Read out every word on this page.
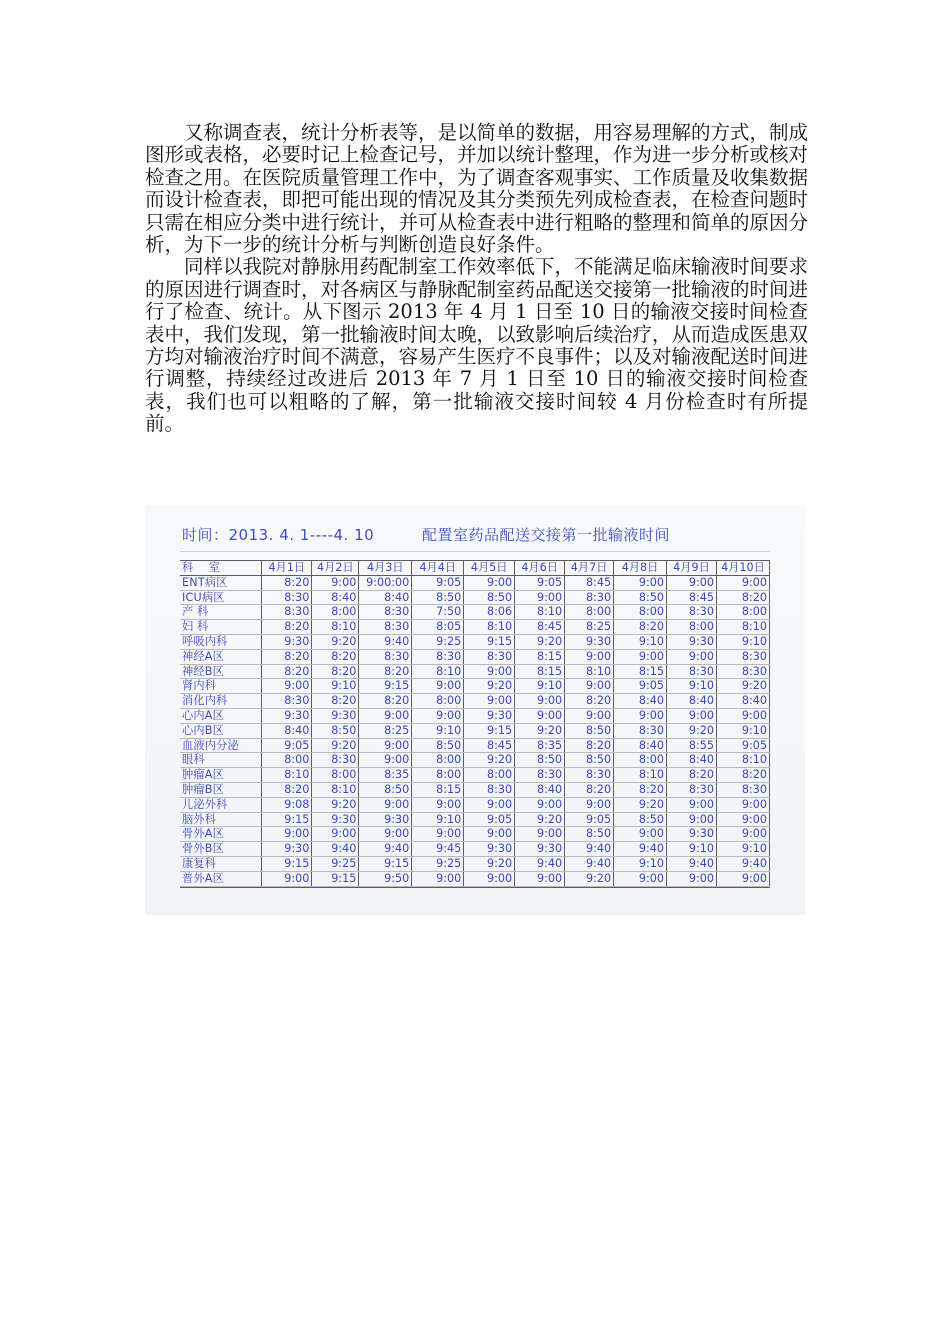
又称调查表，统计分析表等，是以简单的数据，用容易理解的方式，制成图形或表格，必要时记上检查记号，并加以统计整理，作为进一步分析或核对检查之用。在医院质量管理工作中，为了调查客观事实、工作质量及收集数据而设计检查表，即把可能出现的情况及其分类预先列成检查表，在检查问题时只需在相应分类中进行统计，并可从检查表中进行粗略的整理和简单的原因分析，为下一步的统计分析与判断创造良好条件。

同样以我院对静脉用药配制室工作效率低下，不能满足临床输液时间要求的原因进行调查时，对各病区与静脉配制室药品配送交接第一批输液的时间进行了检查、统计。从下图示 2013 年 4 月 1 日至 10 日的输液交接时间检查表中，我们发现，第一批输液时间太晚，以致影响后续治疗，从而造成医患双方均对输液治疗时间不满意，容易产生医疗不良事件；以及对输液配送时间进行调整，持续经过改进后 2013 年 7 月 1 日至 10 日的输液交接时间检查表，我们也可以粗略的了解，第一批输液交接时间较 4 月份检查时有所提前。

时间：2013. 4. 1----4. 10	配置室药品配送交接第一批输液时间
科 室	4月1日	4月2日	4月3日	4月4日	4月5日	4月6日	4月7日	4月8日	4月9日	4月10日
ENT病区	8:20	9:00	9:00:00	9:05	9:00	9:05	8:45	9:00	9:00	9:00
ICU病区	8:30	8:40	8:40	8:50	8:50	9:00	8:30	8:50	8:45	8:20
产 科	8:30	8:00	8:30	7:50	8:06	8:10	8:00	8:00	8:30	8:00
妇 科	8:20	8:10	8:30	8:05	8:10	8:45	8:25	8:20	8:00	8:10
呼吸内科	9:30	9:20	9:40	9:25	9:15	9:20	9:30	9:10	9:30	9:10
神经A区	8:20	8:20	8:30	8:30	8:30	8:15	9:00	9:00	9:00	8:30
神经B区	8:20	8:20	8:20	8:10	9:00	8:15	8:10	8:15	8:30	8:30
肾内科	9:00	9:10	9:15	9:00	9:20	9:10	9:00	9:05	9:10	9:20
消化内科	8:30	8:20	8:20	8:00	9:00	9:00	8:20	8:40	8:40	8:40
心内A区	9:30	9:30	9:00	9:00	9:30	9:00	9:00	9:00	9:00	9:00
心内B区	8:40	8:50	8:25	9:10	9:15	9:20	8:50	8:30	9:20	9:10
血液内分泌	9:05	9:20	9:00	8:50	8:45	8:35	8:20	8:40	8:55	9:05
眼科	8:00	8:30	9:00	8:00	9:20	8:50	8:50	8:00	8:40	8:10
肿瘤A区	8:10	8:00	8:35	8:00	8:00	8:30	8:30	8:10	8:20	8:20
肿瘤B区	8:20	8:10	8:50	8:15	8:30	8:40	8:20	8:20	8:30	8:30
儿泌外科	9:08	9:20	9:00	9:00	9:00	9:00	9:00	9:20	9:00	9:00
脑外科	9:15	9:30	9:30	9:10	9:05	9:20	9:05	8:50	9:00	9:00
骨外A区	9:00	9:00	9:00	9:00	9:00	9:00	8:50	9:00	9:30	9:00
骨外B区	9:30	9:40	9:40	9:45	9:30	9:30	9:40	9:40	9:10	9:10
康复科	9:15	9:25	9:15	9:25	9:20	9:40	9:40	9:10	9:40	9:40
普外A区	9:00	9:15	9:50	9:00	9:00	9:00	9:20	9:00	9:00	9:00
